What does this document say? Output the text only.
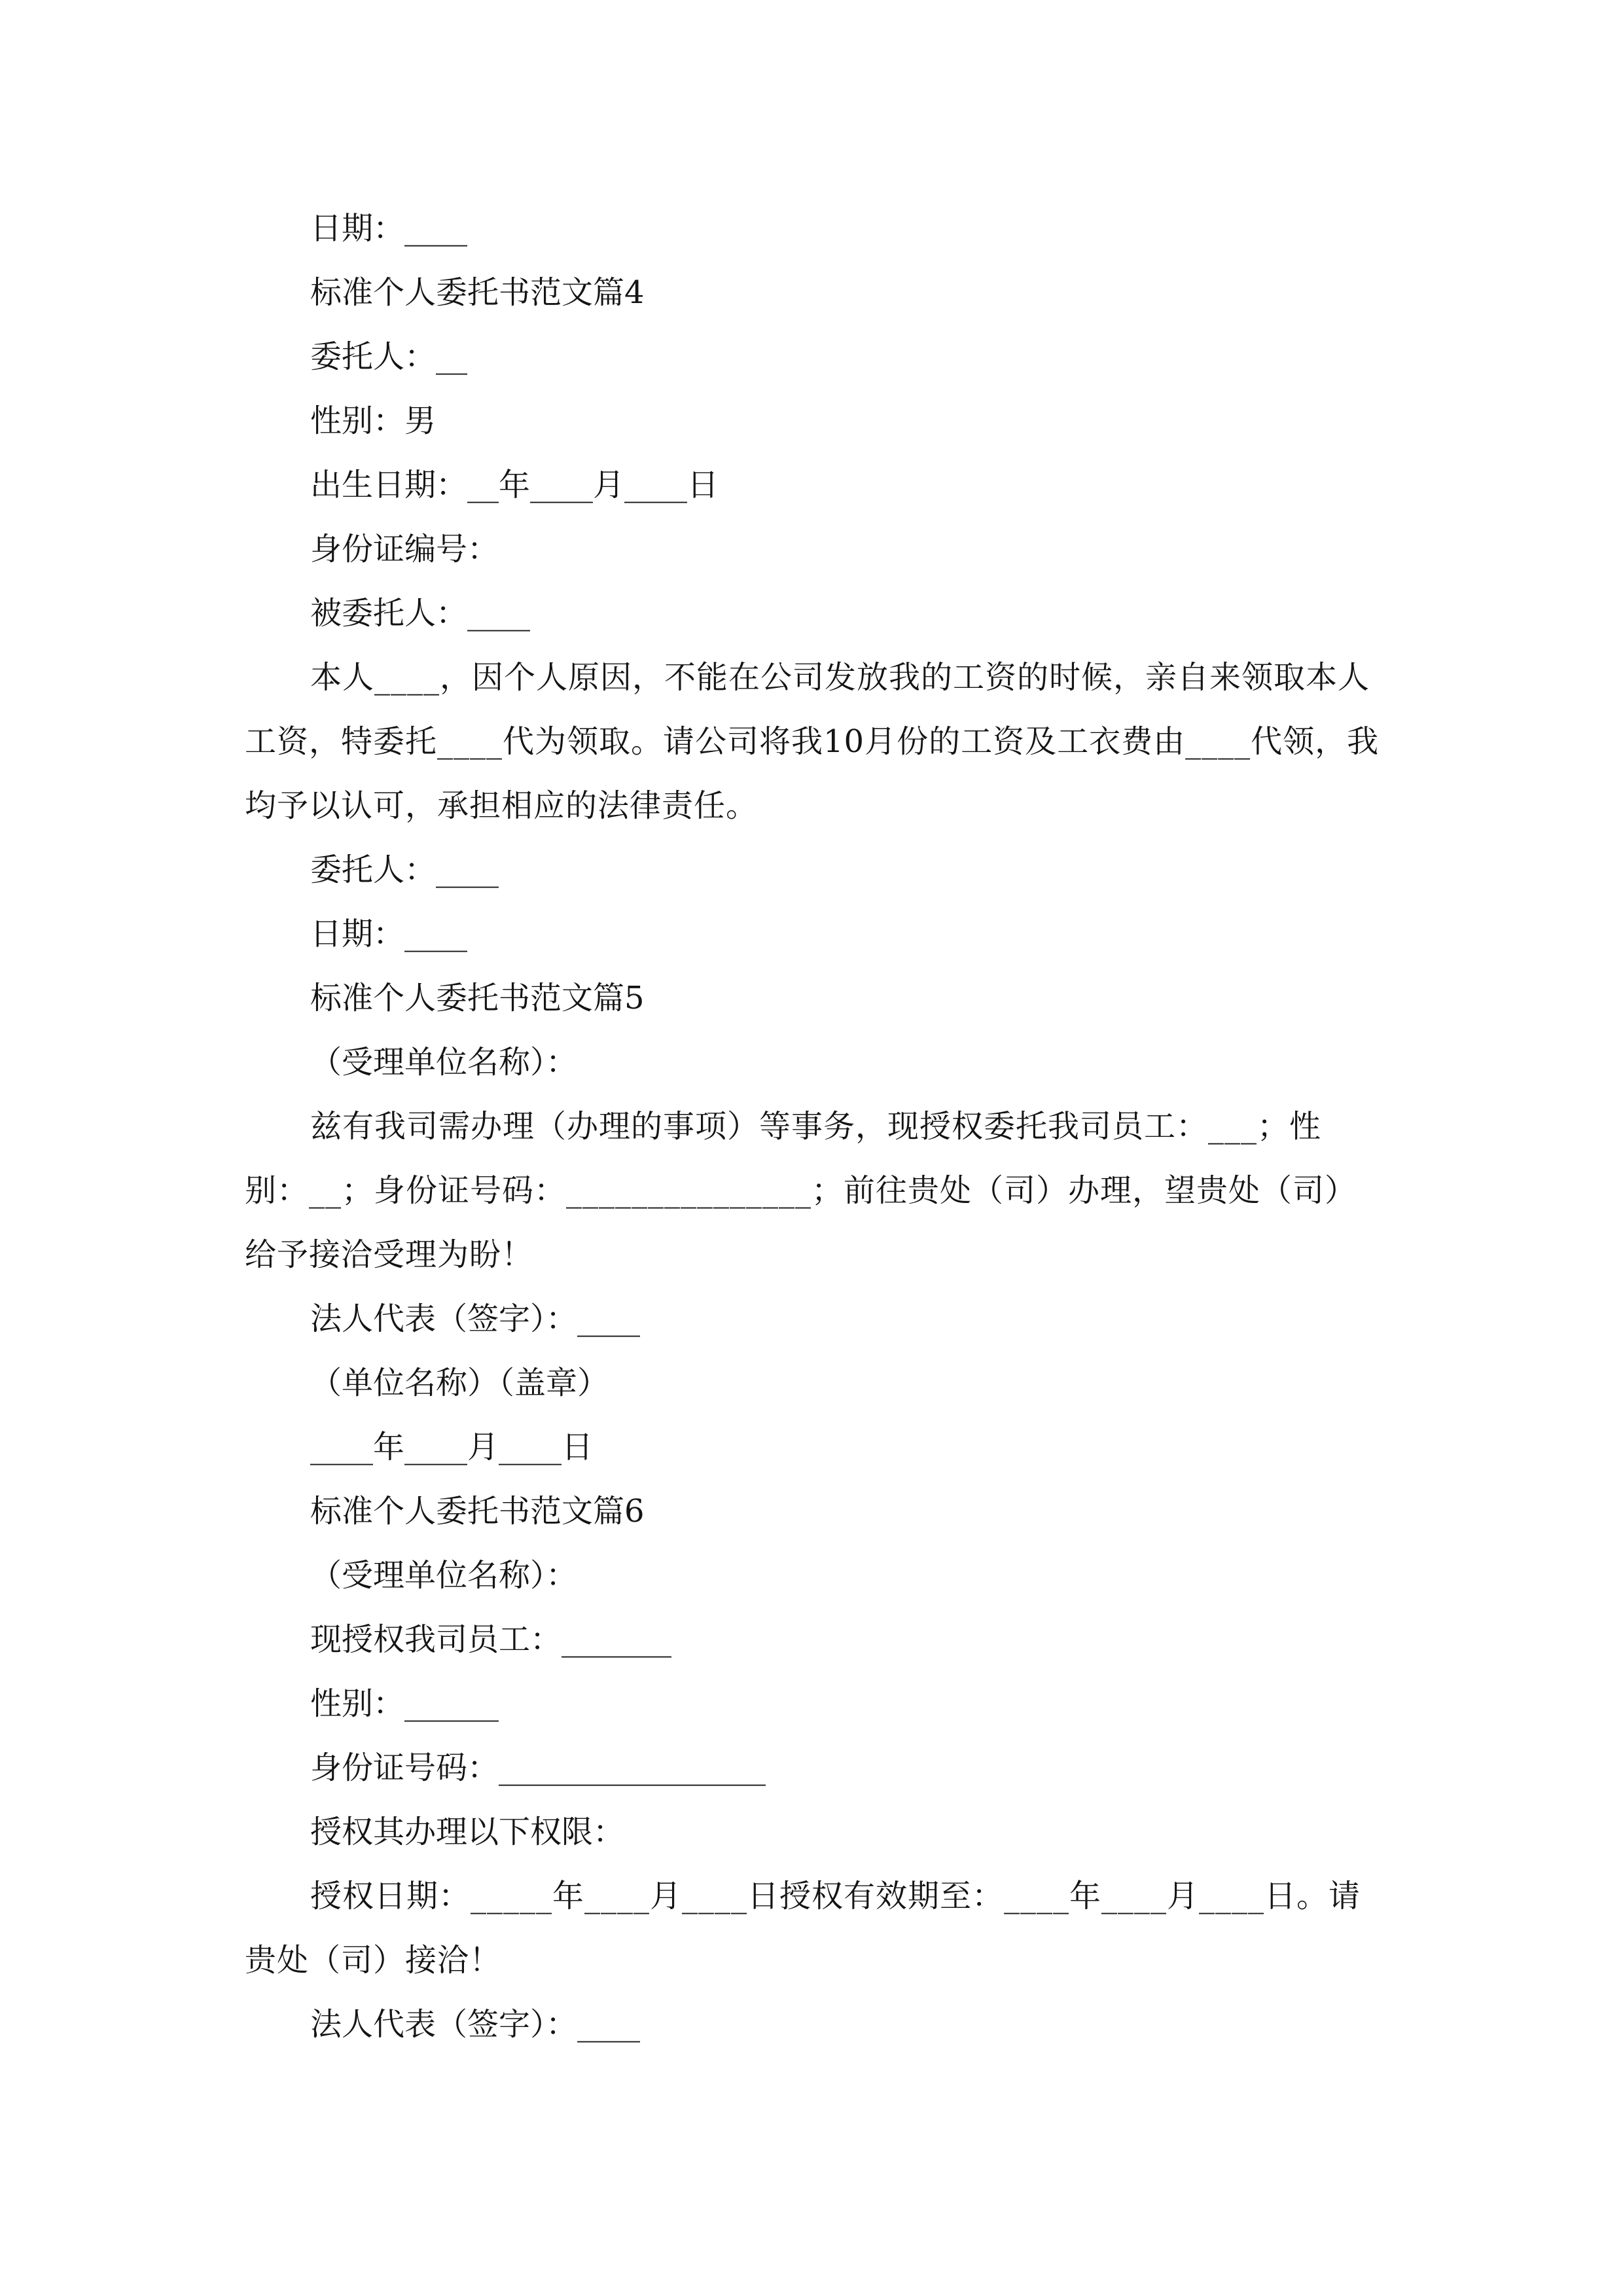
日期：____

标准个人委托书范文篇4

委托人：__

性别：男

出生日期：__年____月____日

身份证编号：

被委托人：____

本人____，因个人原因，不能在公司发放我的工资的时候，亲自来领取本人工资，特委托____代为领取。请公司将我10月份的工资及工衣费由____代领，我均予以认可，承担相应的法律责任。

委托人：____

日期：____

标准个人委托书范文篇5

（受理单位名称）：

兹有我司需办理（办理的事项）等事务，现授权委托我司员工：___；性别：__；身份证号码：_______________；前往贵处（司）办理，望贵处（司）给予接洽受理为盼！

法人代表（签字）：____

（单位名称）（盖章）

____年____月____日

标准个人委托书范文篇6

（受理单位名称）：

现授权我司员工：_______

性别：______

身份证号码：_________________

授权其办理以下权限：

授权日期：_____年____月____日授权有效期至：____年____月____日。请贵处（司）接洽！

法人代表（签字）：____
